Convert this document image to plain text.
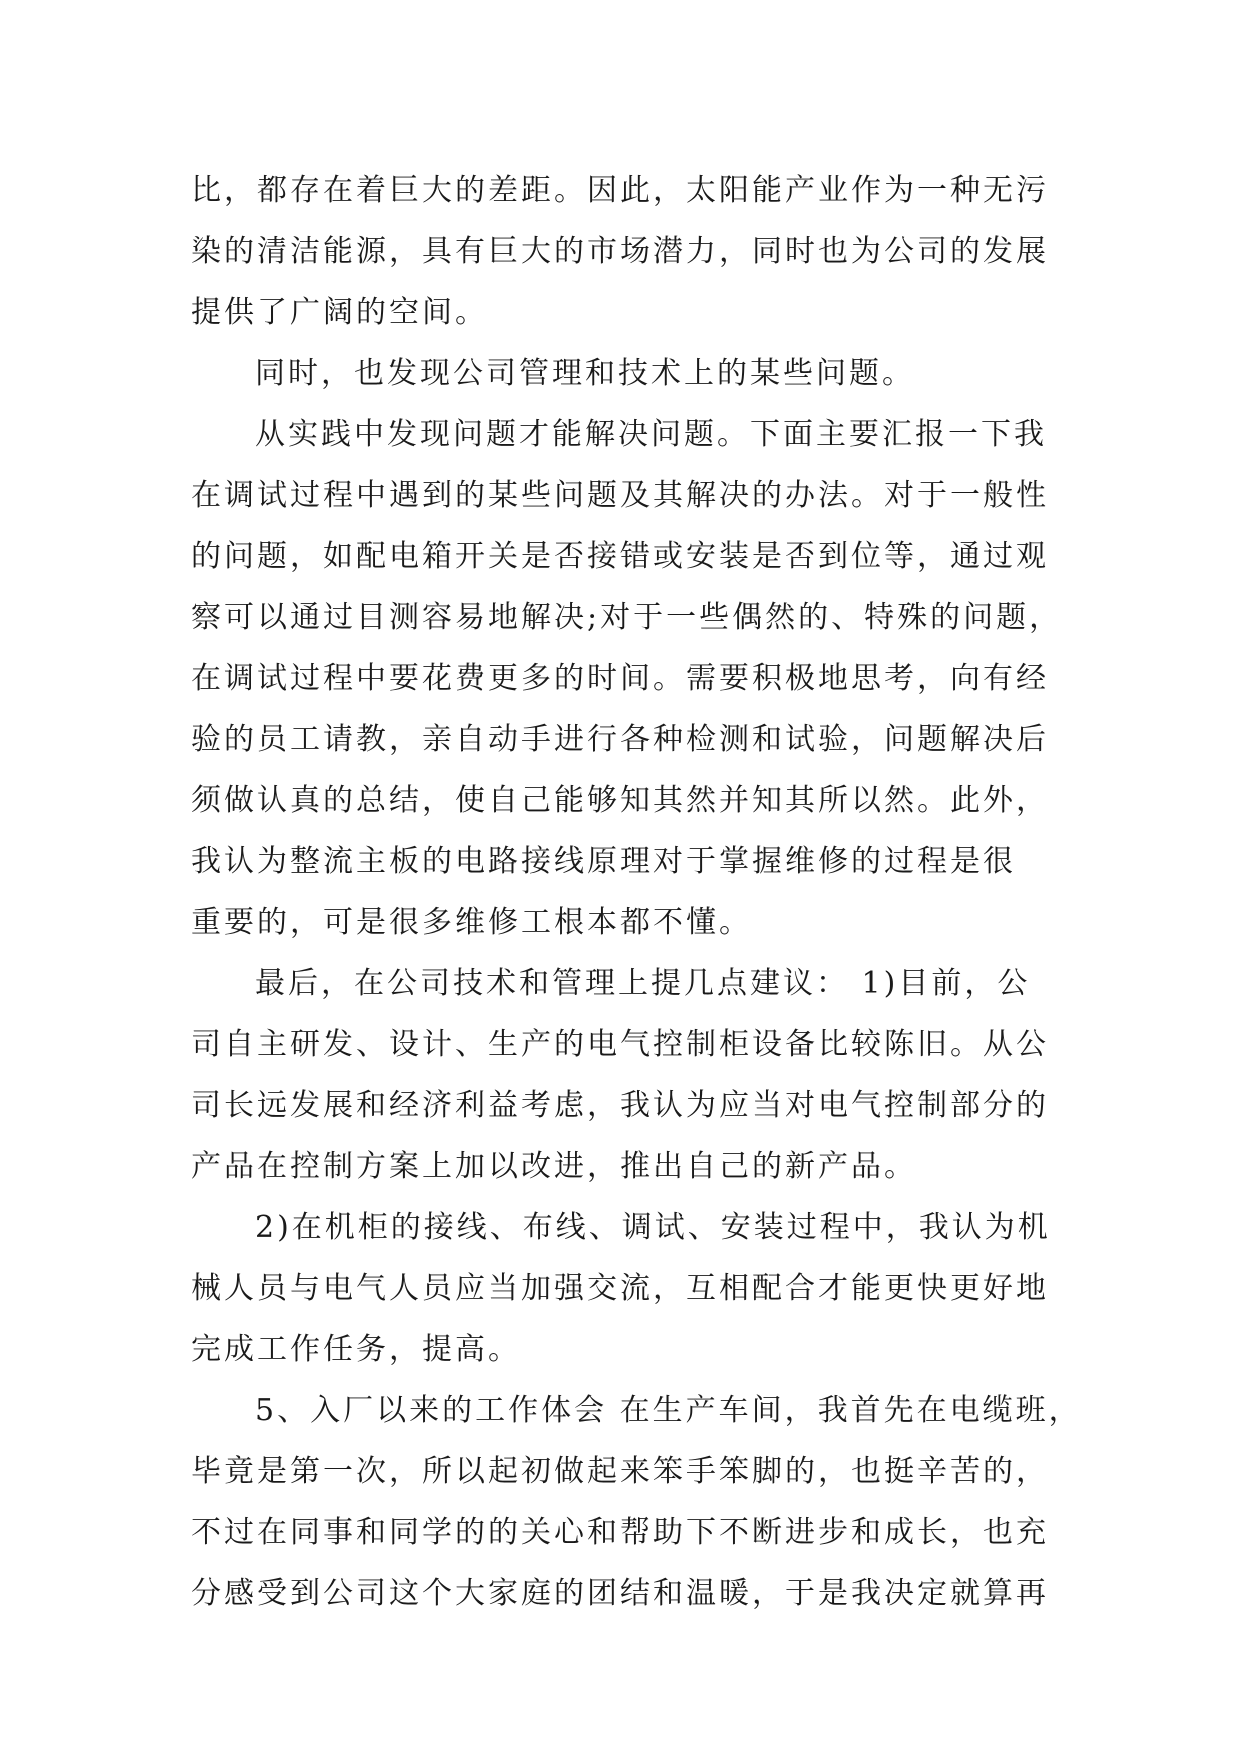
比，都存在着巨大的差距。因此，太阳能产业作为一种无污
染的清洁能源，具有巨大的市场潜力，同时也为公司的发展
提供了广阔的空间。
同时，也发现公司管理和技术上的某些问题。
从实践中发现问题才能解决问题。下面主要汇报一下我
在调试过程中遇到的某些问题及其解决的办法。对于一般性
的问题，如配电箱开关是否接错或安装是否到位等，通过观
察可以通过目测容易地解决;对于一些偶然的、特殊的问题，
在调试过程中要花费更多的时间。需要积极地思考，向有经
验的员工请教，亲自动手进行各种检测和试验，问题解决后
须做认真的总结，使自己能够知其然并知其所以然。此外，
我认为整流主板的电路接线原理对于掌握维修的过程是很
重要的，可是很多维修工根本都不懂。
最后，在公司技术和管理上提几点建议： 1)目前，公
司自主研发、设计、生产的电气控制柜设备比较陈旧。从公
司长远发展和经济利益考虑，我认为应当对电气控制部分的
产品在控制方案上加以改进，推出自己的新产品。
2)在机柜的接线、布线、调试、安装过程中，我认为机
械人员与电气人员应当加强交流，互相配合才能更快更好地
完成工作任务，提高。
5、入厂以来的工作体会 在生产车间，我首先在电缆班，
毕竟是第一次，所以起初做起来笨手笨脚的，也挺辛苦的，
不过在同事和同学的的关心和帮助下不断进步和成长，也充
分感受到公司这个大家庭的团结和温暖，于是我决定就算再
